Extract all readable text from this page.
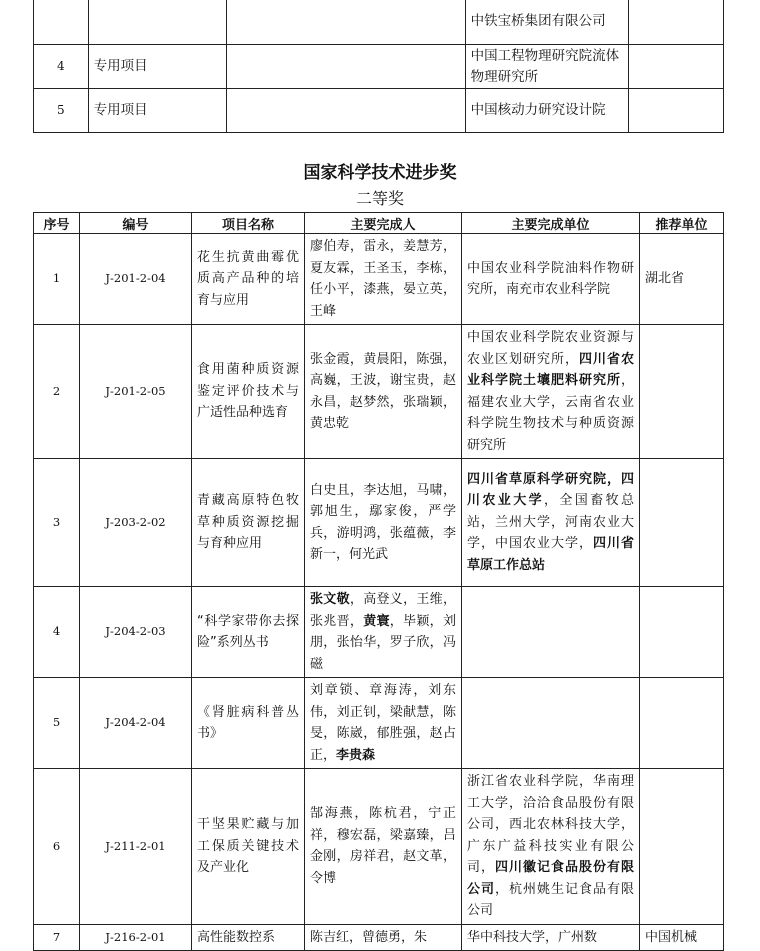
			中铁宝桥集团有限公司	
4	专用项目		中国工程物理研究院流体物理研究所	
5	专用项目		中国核动力研究设计院	
国家科学技术进步奖
二等奖
序号	编号	项目名称	主要完成人	主要完成单位	推荐单位
1	J-201-2-04	花生抗黄曲霉优质高产品种的培育与应用	廖伯寿，雷永，姜慧芳，夏友霖，王圣玉，李栋，任小平，漆燕，晏立英，王峰	中国农业科学院油料作物研究所，南充市农业科学院	湖北省
2	J-201-2-05	食用菌种质资源鉴定评价技术与广适性品种选育	张金霞，黄晨阳，陈强，高巍，王波，谢宝贵，赵永昌，赵梦然，张瑞颖，黄忠乾	中国农业科学院农业资源与农业区划研究所，四川省农业科学院土壤肥料研究所，福建农业大学，云南省农业科学院生物技术与种质资源研究所	
3	J-203-2-02	青藏高原特色牧草种质资源挖掘与育种应用	白史且，李达旭，马啸，郭旭生，鄢家俊，严学兵，游明鸿，张蕴薇，李新一，何光武	四川省草原科学研究院，四川农业大学，全国畜牧总站，兰州大学，河南农业大学，中国农业大学，四川省草原工作总站	
4	J-204-2-03	“科学家带你去探险”系列丛书	张文敬，高登义，王维，张兆晋，黄寰，毕颖，刘朋，张怡华，罗子欣，冯磁		
5	J-204-2-04	《肾脏病科普丛书》	刘章锁、章海涛，刘东伟，刘正钊，梁献慧，陈旻，陈崴，郁胜强，赵占正，李贵森		
6	J-211-2-01	干坚果贮藏与加工保质关键技术及产业化	郜海燕，陈杭君，宁正祥，穆宏磊，梁嘉臻，吕金刚，房祥君，赵文革，令博	浙江省农业科学院，华南理工大学，洽洽食品股份有限公司，西北农林科技大学，广东广益科技实业有限公司，四川徽记食品股份有限公司，杭州姚生记食品有限公司	
7	J-216-2-01	高性能数控系	陈吉红，曾德勇，朱	华中科技大学，广州数	中国机械
